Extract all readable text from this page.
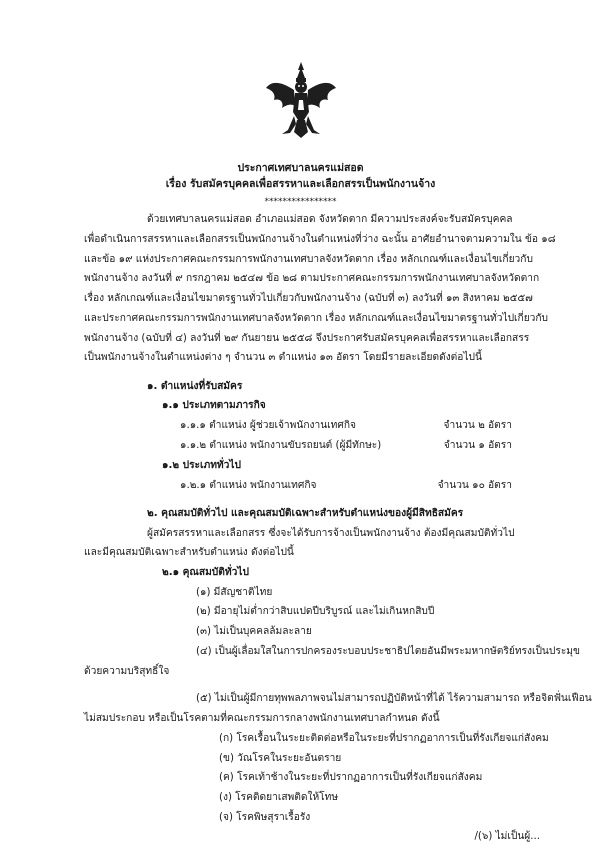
ประกาศเทศบาลนครแม่สอด
เรื่อง รับสมัครบุคคลเพื่อสรรหาและเลือกสรรเป็นพนักงานจ้าง
****************
ด้วยเทศบาลนครแม่สอด อำเภอแม่สอด จังหวัดตาก มีความประสงค์จะรับสมัครบุคคล
เพื่อดำเนินการสรรหาและเลือกสรรเป็นพนักงานจ้างในตำแหน่งที่ว่าง ฉะนั้น อาศัยอำนาจตามความใน ข้อ ๑๘
และข้อ ๑๙ แห่งประกาศคณะกรรมการพนักงานเทศบาลจังหวัดตาก เรื่อง หลักเกณฑ์และเงื่อนไขเกี่ยวกับ
พนักงานจ้าง ลงวันที่ ๙ กรกฎาคม ๒๕๔๗ ข้อ ๒๘ ตามประกาศคณะกรรมการพนักงานเทศบาลจังหวัดตาก
เรื่อง หลักเกณฑ์และเงื่อนไขมาตรฐานทั่วไปเกี่ยวกับพนักงานจ้าง (ฉบับที่ ๓) ลงวันที่ ๑๓ สิงหาคม ๒๕๕๗
และประกาศคณะกรรมการพนักงานเทศบาลจังหวัดตาก เรื่อง หลักเกณฑ์และเงื่อนไขมาตรฐานทั่วไปเกี่ยวกับ
พนักงานจ้าง (ฉบับที่ ๔) ลงวันที่ ๒๙ กันยายน ๒๕๕๘ จึงประกาศรับสมัครบุคคลเพื่อสรรหาและเลือกสรร
เป็นพนักงานจ้างในตำแหน่งต่าง ๆ จำนวน ๓ ตำแหน่ง ๑๓ อัตรา โดยมีรายละเอียดดังต่อไปนี้
๑. ตำแหน่งที่รับสมัคร
๑.๑ ประเภทตามภารกิจ
๑.๑.๑ ตำแหน่ง ผู้ช่วยเจ้าพนักงานเทศกิจ	จำนวน ๒ อัตรา
๑.๑.๒ ตำแหน่ง พนักงานขับรถยนต์ (ผู้มีทักษะ)	จำนวน ๑ อัตรา
๑.๒ ประเภททั่วไป
๑.๒.๑ ตำแหน่ง พนักงานเทศกิจ	จำนวน ๑๐ อัตรา
๒. คุณสมบัติทั่วไป และคุณสมบัติเฉพาะสำหรับตำแหน่งของผู้มีสิทธิสมัคร
ผู้สมัครสรรหาและเลือกสรร ซึ่งจะได้รับการจ้างเป็นพนักงานจ้าง ต้องมีคุณสมบัติทั่วไป
และมีคุณสมบัติเฉพาะสำหรับตำแหน่ง ดังต่อไปนี้
๒.๑ คุณสมบัติทั่วไป
(๑) มีสัญชาติไทย
(๒) มีอายุไม่ต่ำกว่าสิบแปดปีบริบูรณ์ และไม่เกินหกสิบปี
(๓) ไม่เป็นบุคคลล้มละลาย
(๔) เป็นผู้เลื่อมใสในการปกครองระบอบประชาธิปไตยอันมีพระมหากษัตริย์ทรงเป็นประมุข
ด้วยความบริสุทธิ์ใจ
(๕) ไม่เป็นผู้มีกายทุพพลภาพจนไม่สามารถปฏิบัติหน้าที่ได้ ไร้ความสามารถ หรือจิตฟั่นเฟือน
ไม่สมประกอบ หรือเป็นโรคตามที่คณะกรรมการกลางพนักงานเทศบาลกำหนด ดังนี้
(ก) โรคเรื้อนในระยะติดต่อหรือในระยะที่ปรากฏอาการเป็นที่รังเกียจแก่สังคม
(ข) วัณโรคในระยะอันตราย
(ค) โรคเท้าช้างในระยะที่ปรากฏอาการเป็นที่รังเกียจแก่สังคม
(ง) โรคติดยาเสพติดให้โทษ
(จ) โรคพิษสุราเรื้อรัง
/(๖) ไม่เป็นผู้...
